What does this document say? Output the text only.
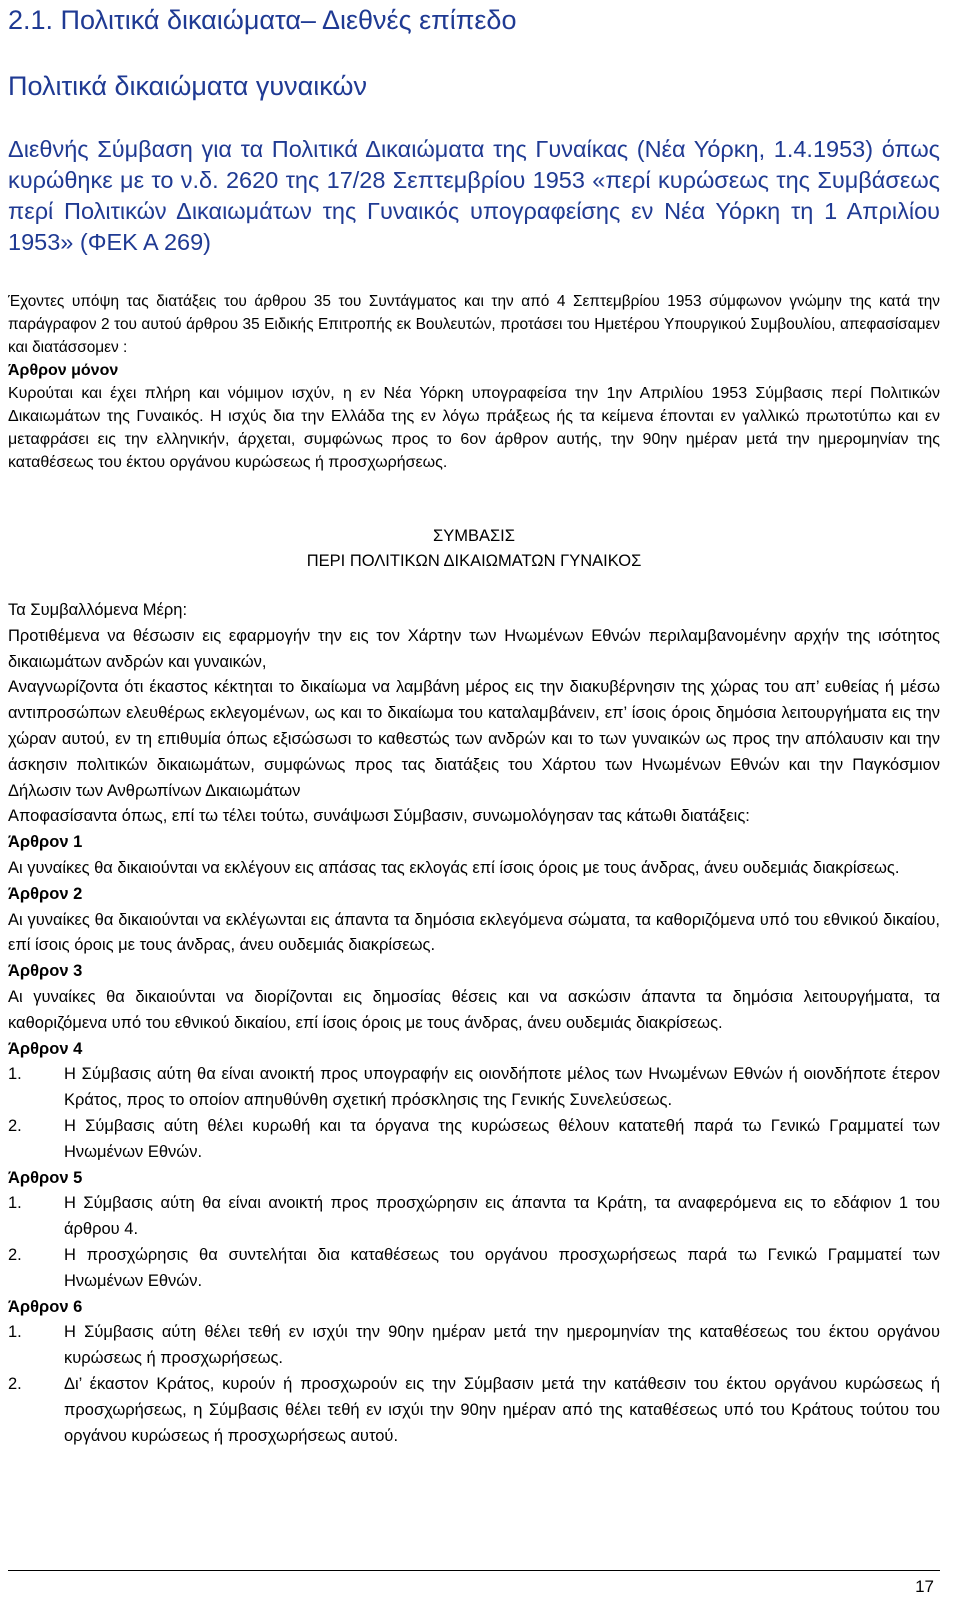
2.1. Πολιτικά δικαιώματα– Διεθνές επίπεδο
Πολιτικά δικαιώματα γυναικών
Διεθνής Σύμβαση για τα Πολιτικά Δικαιώματα της Γυναίκας (Νέα Υόρκη, 1.4.1953) όπως κυρώθηκε με το ν.δ. 2620 της 17/28 Σεπτεμβρίου 1953 «περί κυρώσεως της Συμβάσεως περί Πολιτικών Δικαιωμάτων της Γυναικός υπογραφείσης εν Νέα Υόρκη τη 1 Απριλίου 1953» (ΦΕΚ Α 269)

Έχοντες υπόψη τας διατάξεις του άρθρου 35 του Συντάγματος και την από 4 Σεπτεμβρίου 1953 σύμφωνον γνώμην της κατά την παράγραφον 2 του αυτού άρθρου 35 Ειδικής Επιτροπής εκ Βουλευτών, προτάσει του Ημετέρου Υπουργικού Συμβουλίου, απεφασίσαμεν και διατάσσομεν :

Άρθρον μόνον

Κυρούται και έχει πλήρη και νόμιμον ισχύν, η εν Νέα Υόρκη υπογραφείσα την 1ην Απριλίου 1953 Σύμβασις περί Πολιτικών Δικαιωμάτων της Γυναικός. Η ισχύς δια την Ελλάδα της εν λόγω πράξεως ής τα κείμενα έπονται εν γαλλικώ πρωτοτύπω και εν μεταφράσει εις την ελληνικήν, άρχεται, συμφώνως προς το 6ον άρθρον αυτής, την 90ην ημέραν μετά την ημερομηνίαν της καταθέσεως του έκτου οργάνου κυρώσεως ή προσχωρήσεως.

ΣΥΜΒΑΣΙΣ
ΠΕΡΙ ΠΟΛΙΤΙΚΩΝ ΔΙΚΑΙΩΜΑΤΩΝ ΓΥΝΑΙΚΟΣ

Τα Συμβαλλόμενα Μέρη:

Προτιθέμενα να θέσωσιν εις εφαρμογήν την εις τον Χάρτην των Ηνωμένων Εθνών περιλαμβανομένην αρχήν της ισότητος δικαιωμάτων ανδρών και γυναικών,

Αναγνωρίζοντα ότι έκαστος κέκτηται το δικαίωμα να λαμβάνη μέρος εις την διακυβέρνησιν της χώρας του απ’ ευθείας ή μέσω αντιπροσώπων ελευθέρως εκλεγομένων, ως και το δικαίωμα του καταλαμβάνειν, επ’ ίσοις όροις δημόσια λειτουργήματα εις την χώραν αυτού, εν τη επιθυμία όπως εξισώσωσι το καθεστώς των ανδρών και το των γυναικών ως προς την απόλαυσιν και την άσκησιν πολιτικών δικαιωμάτων, συμφώνως προς τας διατάξεις του Χάρτου των Ηνωμένων Εθνών και την Παγκόσμιον Δήλωσιν των Ανθρωπίνων Δικαιωμάτων

Αποφασίσαντα όπως, επί τω τέλει τούτω, συνάψωσι Σύμβασιν, συνωμολόγησαν τας κάτωθι διατάξεις:

Άρθρον 1

Αι γυναίκες θα δικαιούνται να εκλέγουν εις απάσας τας εκλογάς επί ίσοις όροις με τους άνδρας, άνευ ουδεμιάς διακρίσεως.

Άρθρον 2

Αι γυναίκες θα δικαιούνται να εκλέγωνται εις άπαντα τα δημόσια εκλεγόμενα σώματα, τα καθοριζόμενα υπό του εθνικού δικαίου, επί ίσοις όροις με τους άνδρας, άνευ ουδεμιάς διακρίσεως.

Άρθρον 3

Αι γυναίκες θα δικαιούνται να διορίζονται εις δημοσίας θέσεις και να ασκώσιν άπαντα τα δημόσια λειτουργήματα, τα καθοριζόμενα υπό του εθνικού δικαίου, επί ίσοις όροις με τους άνδρας, άνευ ουδεμιάς διακρίσεως.

Άρθρον 4

1.	Η Σύμβασις αύτη θα είναι ανοικτή προς υπογραφήν εις οιονδήποτε μέλος των Ηνωμένων Εθνών ή οιονδήποτε έτερον Κράτος, προς το οποίον απηυθύνθη σχετική πρόσκλησις της Γενικής Συνελεύσεως.
2.	Η Σύμβασις αύτη θέλει κυρωθή και τα όργανα της κυρώσεως θέλουν κατατεθή παρά τω Γενικώ Γραμματεί των Ηνωμένων Εθνών.

Άρθρον 5

1.	Η Σύμβασις αύτη θα είναι ανοικτή προς προσχώρησιν εις άπαντα τα Κράτη, τα αναφερόμενα εις το εδάφιον 1 του άρθρου 4.
2.	Η προσχώρησις θα συντελήται δια καταθέσεως του οργάνου προσχωρήσεως παρά τω Γενικώ Γραμματεί των Ηνωμένων Εθνών.

Άρθρον 6

1.	Η Σύμβασις αύτη θέλει τεθή εν ισχύι την 90ην ημέραν μετά την ημερομηνίαν της καταθέσεως του έκτου οργάνου κυρώσεως ή προσχωρήσεως.
2.	Δι’ έκαστον Κράτος, κυρούν ή προσχωρούν εις την Σύμβασιν μετά την κατάθεσιν του έκτου οργάνου κυρώσεως ή προσχωρήσεως, η Σύμβασις θέλει τεθή εν ισχύι την 90ην ημέραν από της καταθέσεως υπό του Κράτους τούτου του οργάνου κυρώσεως ή προσχωρήσεως αυτού.
17
